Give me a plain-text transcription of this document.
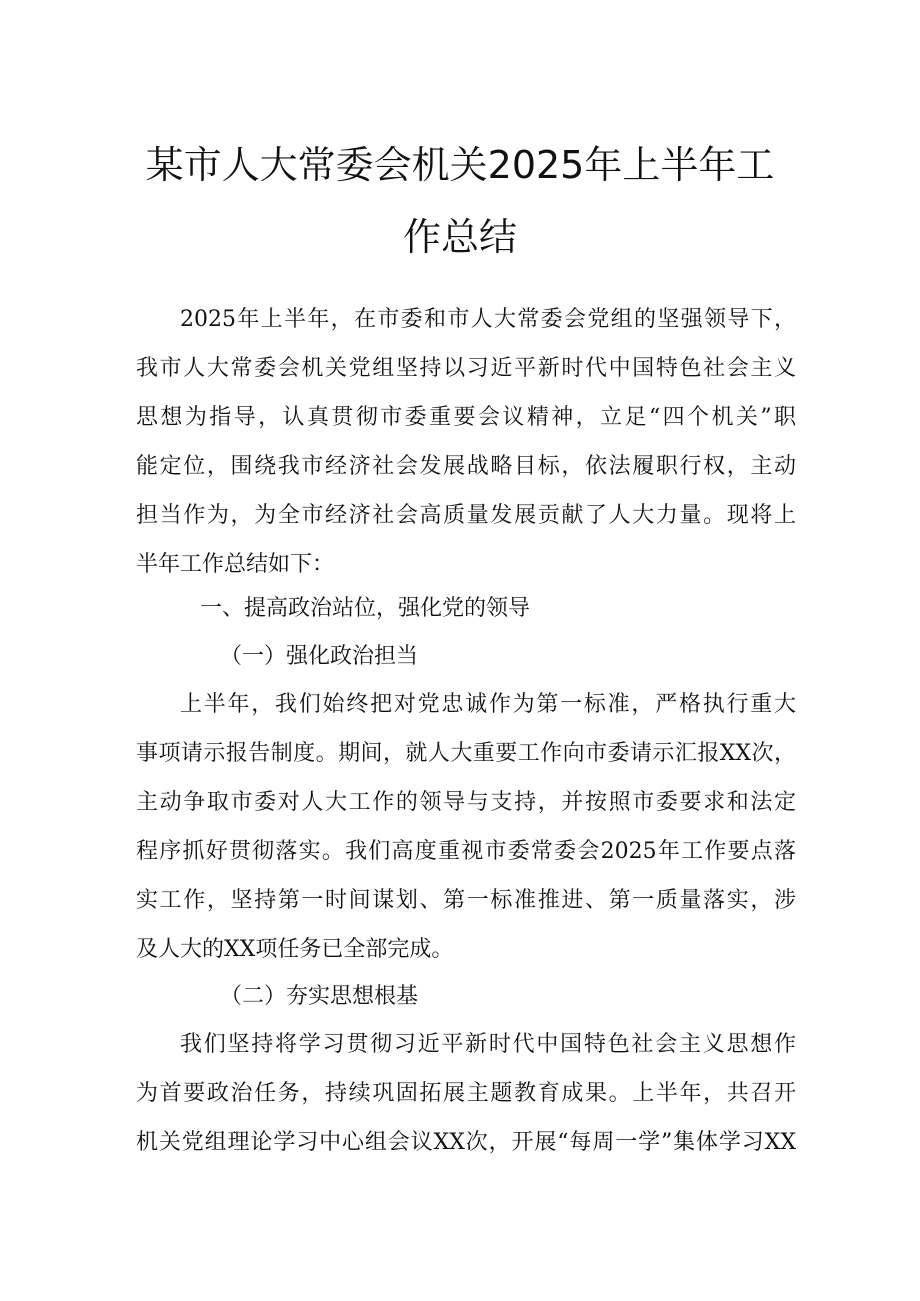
某市人大常委会机关2025年上半年工
作总结
2025年上半年，在市委和市人大常委会党组的坚强领导下，
我市人大常委会机关党组坚持以习近平新时代中国特色社会主义
思想为指导，认真贯彻市委重要会议精神，立足“四个机关”职
能定位，围绕我市经济社会发展战略目标，依法履职行权，主动
担当作为，为全市经济社会高质量发展贡献了人大力量。现将上
半年工作总结如下：
一、提高政治站位，强化党的领导
（一）强化政治担当
上半年，我们始终把对党忠诚作为第一标准，严格执行重大
事项请示报告制度。期间，就人大重要工作向市委请示汇报XX次，
主动争取市委对人大工作的领导与支持，并按照市委要求和法定
程序抓好贯彻落实。我们高度重视市委常委会2025年工作要点落
实工作，坚持第一时间谋划、第一标准推进、第一质量落实，涉
及人大的XX项任务已全部完成。
（二）夯实思想根基
我们坚持将学习贯彻习近平新时代中国特色社会主义思想作
为首要政治任务，持续巩固拓展主题教育成果。上半年，共召开
机关党组理论学习中心组会议XX次，开展“每周一学”集体学习XX
